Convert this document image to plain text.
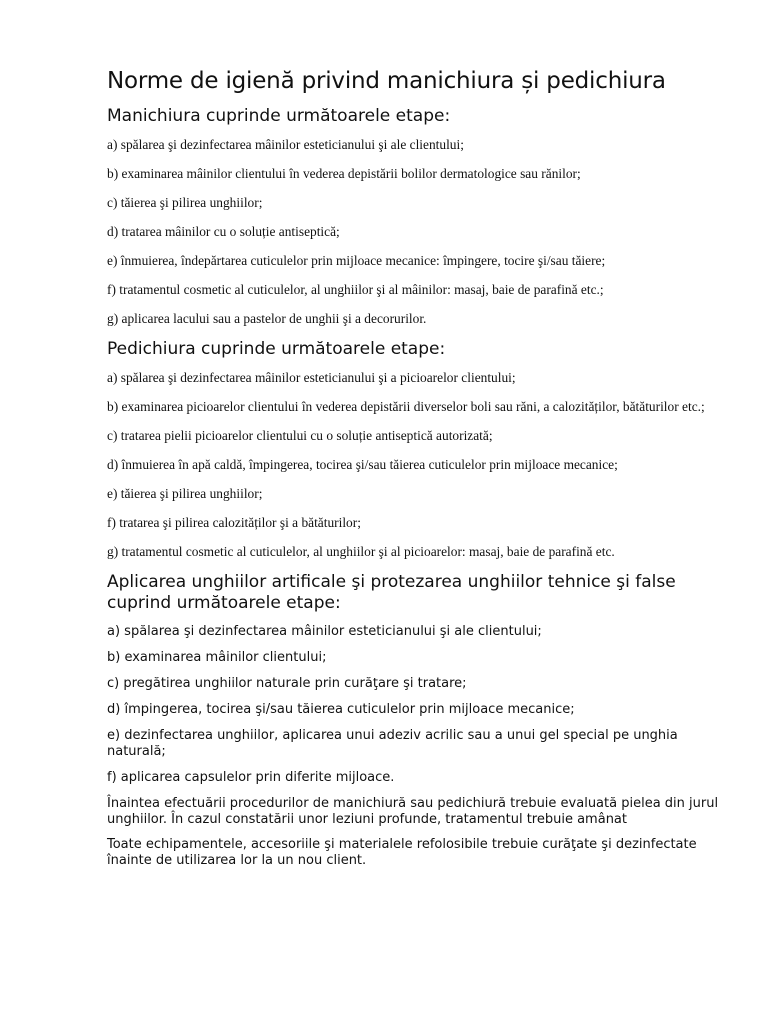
Norme de igienă privind manichiura și pedichiura
Manichiura cuprinde următoarele etape:

a) spălarea şi dezinfectarea mâinilor esteticianului şi ale clientului;

b) examinarea mâinilor clientului în vederea depistării bolilor dermatologice sau rănilor;

c) tăierea şi pilirea unghiilor;

d) tratarea mâinilor cu o soluție antiseptică;

e) înmuierea, îndepărtarea cuticulelor prin mijloace mecanice: împingere, tocire şi/sau tăiere;

f) tratamentul cosmetic al cuticulelor, al unghiilor şi al mâinilor: masaj, baie de parafină etc.;

g) aplicarea lacului sau a pastelor de unghii şi a decorurilor.

Pedichiura cuprinde următoarele etape:

a) spălarea şi dezinfectarea mâinilor esteticianului şi a picioarelor clientului;

b) examinarea picioarelor clientului în vederea depistării diverselor boli sau răni, a calozităților, bătăturilor etc.;

c) tratarea pielii picioarelor clientului cu o soluție antiseptică autorizată;

d) înmuierea în apă caldă, împingerea, tocirea şi/sau tăierea cuticulelor prin mijloace mecanice;

e) tăierea şi pilirea unghiilor;

f) tratarea şi pilirea calozităților şi a bătăturilor;

g) tratamentul cosmetic al cuticulelor, al unghiilor şi al picioarelor: masaj, baie de parafină etc.

Aplicarea unghiilor artificale şi protezarea unghiilor tehnice şi false cuprind următoarele etape:

a) spălarea şi dezinfectarea mâinilor esteticianului şi ale clientului;

b) examinarea mâinilor clientului;

c) pregătirea unghiilor naturale prin curăţare şi tratare;

d) împingerea, tocirea şi/sau tăierea cuticulelor prin mijloace mecanice;

e) dezinfectarea unghiilor, aplicarea unui adeziv acrilic sau a unui gel special pe unghia naturală;

f) aplicarea capsulelor prin diferite mijloace.

Înaintea efectuării procedurilor de manichiură sau pedichiură trebuie evaluată pielea din jurul unghiilor. În cazul constatării unor leziuni profunde, tratamentul trebuie amânat

Toate echipamentele, accesoriile şi materialele refolosibile trebuie curăţate şi dezinfectate înainte de utilizarea lor la un nou client.
